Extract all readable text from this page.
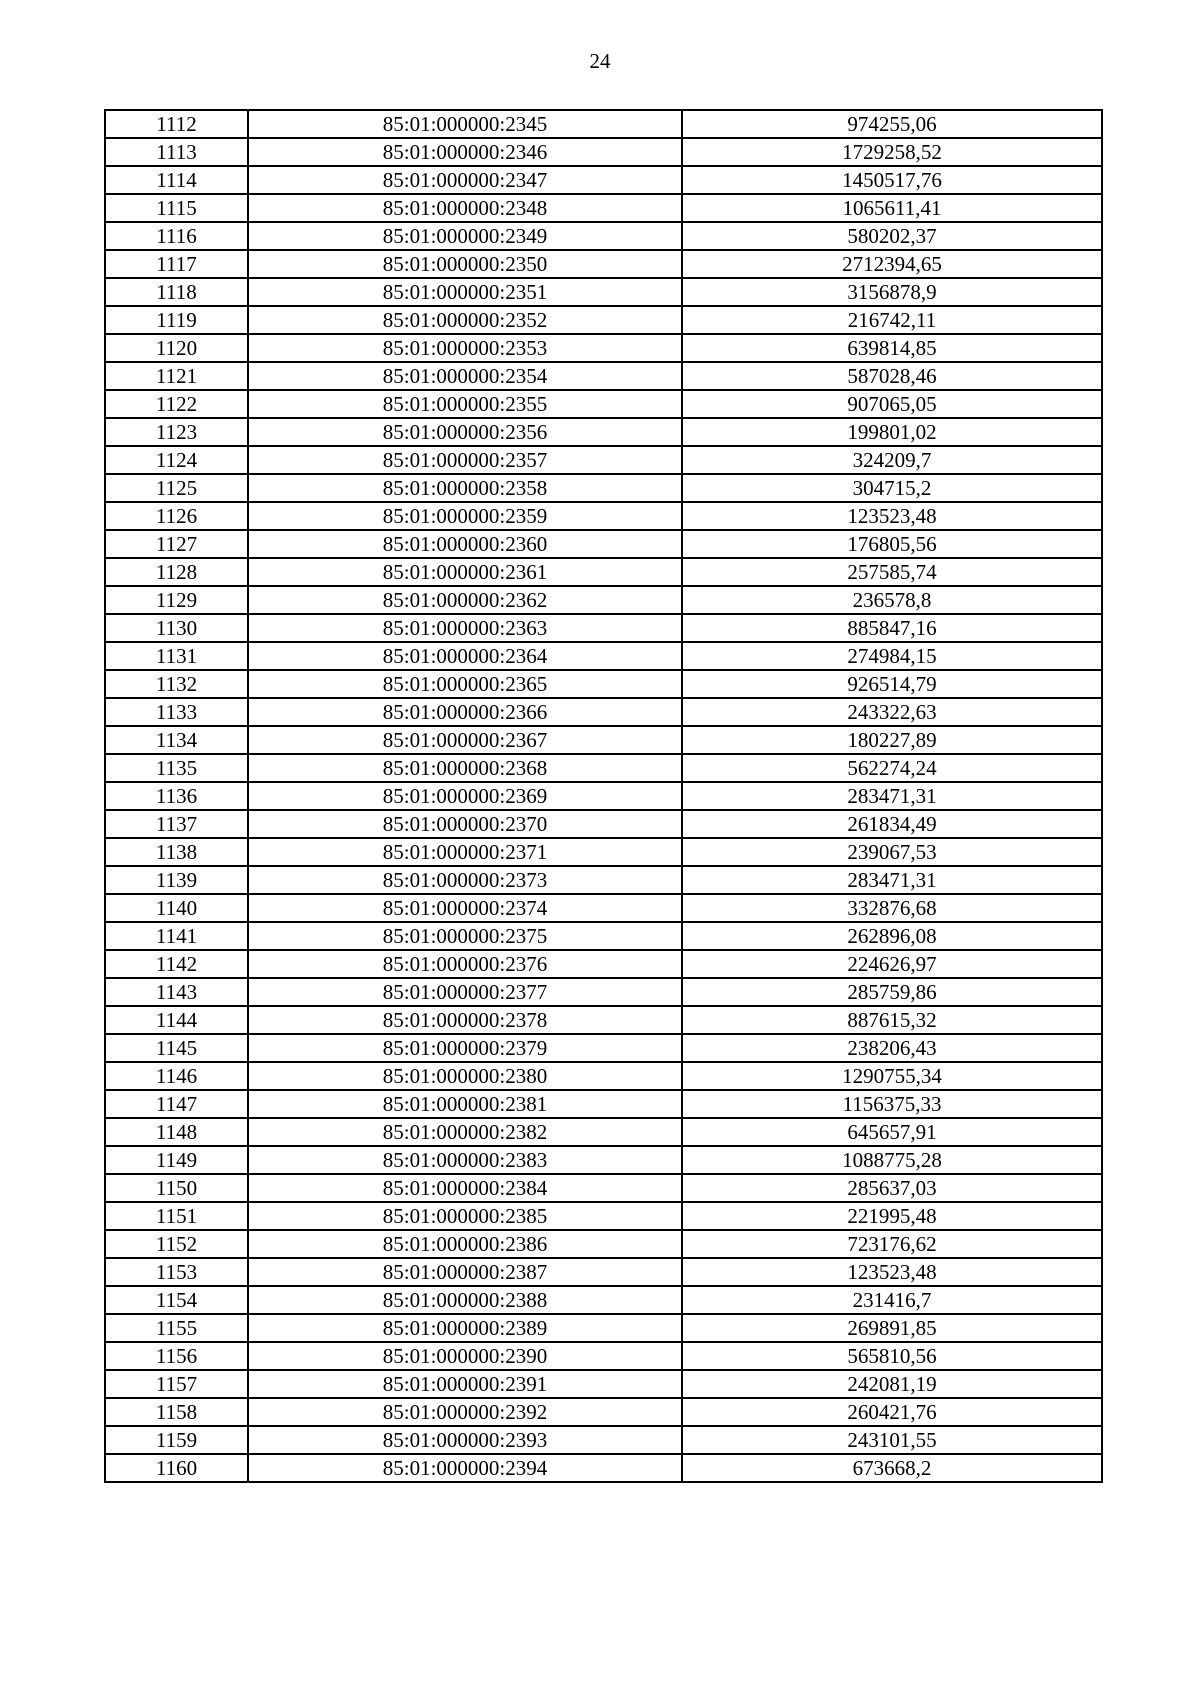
24
1112	85:01:000000:2345	974255,06
1113	85:01:000000:2346	1729258,52
1114	85:01:000000:2347	1450517,76
1115	85:01:000000:2348	1065611,41
1116	85:01:000000:2349	580202,37
1117	85:01:000000:2350	2712394,65
1118	85:01:000000:2351	3156878,9
1119	85:01:000000:2352	216742,11
1120	85:01:000000:2353	639814,85
1121	85:01:000000:2354	587028,46
1122	85:01:000000:2355	907065,05
1123	85:01:000000:2356	199801,02
1124	85:01:000000:2357	324209,7
1125	85:01:000000:2358	304715,2
1126	85:01:000000:2359	123523,48
1127	85:01:000000:2360	176805,56
1128	85:01:000000:2361	257585,74
1129	85:01:000000:2362	236578,8
1130	85:01:000000:2363	885847,16
1131	85:01:000000:2364	274984,15
1132	85:01:000000:2365	926514,79
1133	85:01:000000:2366	243322,63
1134	85:01:000000:2367	180227,89
1135	85:01:000000:2368	562274,24
1136	85:01:000000:2369	283471,31
1137	85:01:000000:2370	261834,49
1138	85:01:000000:2371	239067,53
1139	85:01:000000:2373	283471,31
1140	85:01:000000:2374	332876,68
1141	85:01:000000:2375	262896,08
1142	85:01:000000:2376	224626,97
1143	85:01:000000:2377	285759,86
1144	85:01:000000:2378	887615,32
1145	85:01:000000:2379	238206,43
1146	85:01:000000:2380	1290755,34
1147	85:01:000000:2381	1156375,33
1148	85:01:000000:2382	645657,91
1149	85:01:000000:2383	1088775,28
1150	85:01:000000:2384	285637,03
1151	85:01:000000:2385	221995,48
1152	85:01:000000:2386	723176,62
1153	85:01:000000:2387	123523,48
1154	85:01:000000:2388	231416,7
1155	85:01:000000:2389	269891,85
1156	85:01:000000:2390	565810,56
1157	85:01:000000:2391	242081,19
1158	85:01:000000:2392	260421,76
1159	85:01:000000:2393	243101,55
1160	85:01:000000:2394	673668,2
